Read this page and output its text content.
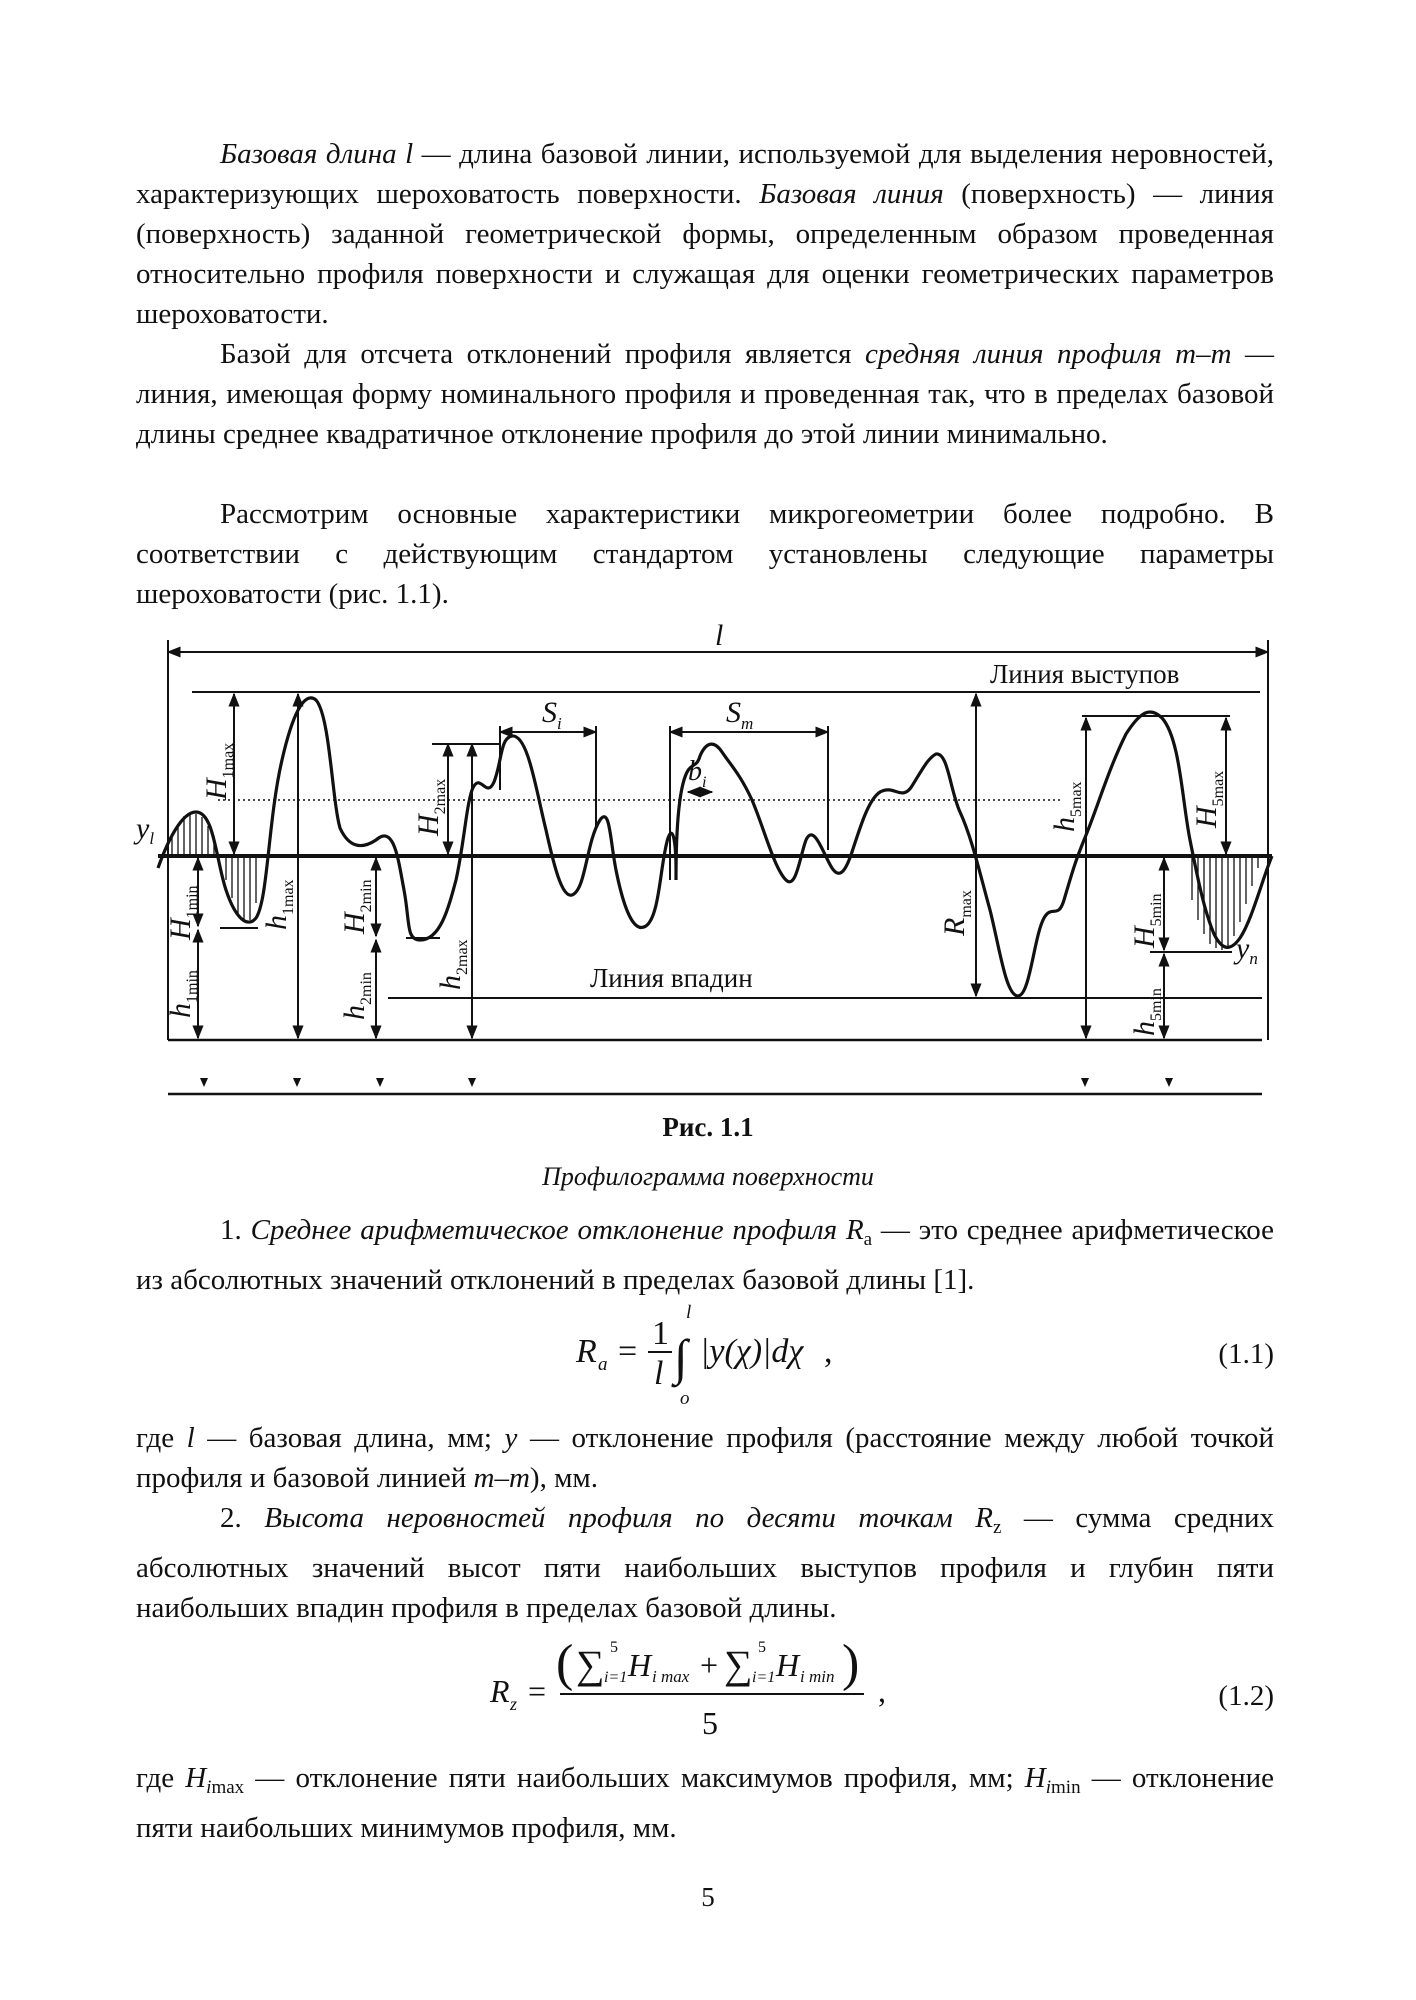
Базовая длина l — длина базовой линии, используемой для выделения неровностей, характеризующих шероховатость поверхности. Базовая линия (поверхность) — линия (поверхность) заданной геометрической формы, определенным образом проведенная относительно профиля поверхности и служащая для оценки геометрических параметров шероховатости.

Базой для отсчета отклонений профиля является средняя линия профиля m–m — линия, имеющая форму номинального профиля и проведенная так, что в пределах базовой длины среднее квадратичное отклонение профиля до этой линии минимально.

Рассмотрим основные характеристики микрогеометрии более подробно. В соответствии с действующим стандартом установлены следующие параметры шероховатости (рис. 1.1).

l
Линия выступов
Линия впадин
$y_l$
$y_n$
$S_i$	$S_m$
$b_i$
$H_{1max}$
$H_{1min}$
$h_{1min}$
$h_{1max}$
$H_{2min}$
$h_{2min}$
$H_{2max}$
$h_{2max}$
$R_{max}$
$h_{5max}$
$H_{5max}$
$H_{5min}$
$h_{5min}$

Рис. 1.1

Профилограмма поверхности

1. Среднее арифметическое отклонение профиля $R_a$ — это среднее арифметическое из абсолютных значений отклонений в пределах базовой длины [1].

R a = 1
l ∫
l
o
|y(χ)|dχ ,	(1.1)

где l — базовая длина, мм; y — отклонение профиля (расстояние между любой точкой профиля и базовой линией m–m), мм.

2. Высота неровностей профиля по десяти точкам $R_z$ — сумма средних абсолютных значений высот пяти наибольших выступов профиля и глубин пяти наибольших впадин профиля в пределах базовой длины.

R z = ( ∑ 5
i=1 H i max + ∑ 5
i=1 H i min )
5
,	(1.2)

где $H_{imax}$ — отклонение пяти наибольших максимумов профиля, мм; $H_{imin}$ — отклонение пяти наибольших минимумов профиля, мм.

5
